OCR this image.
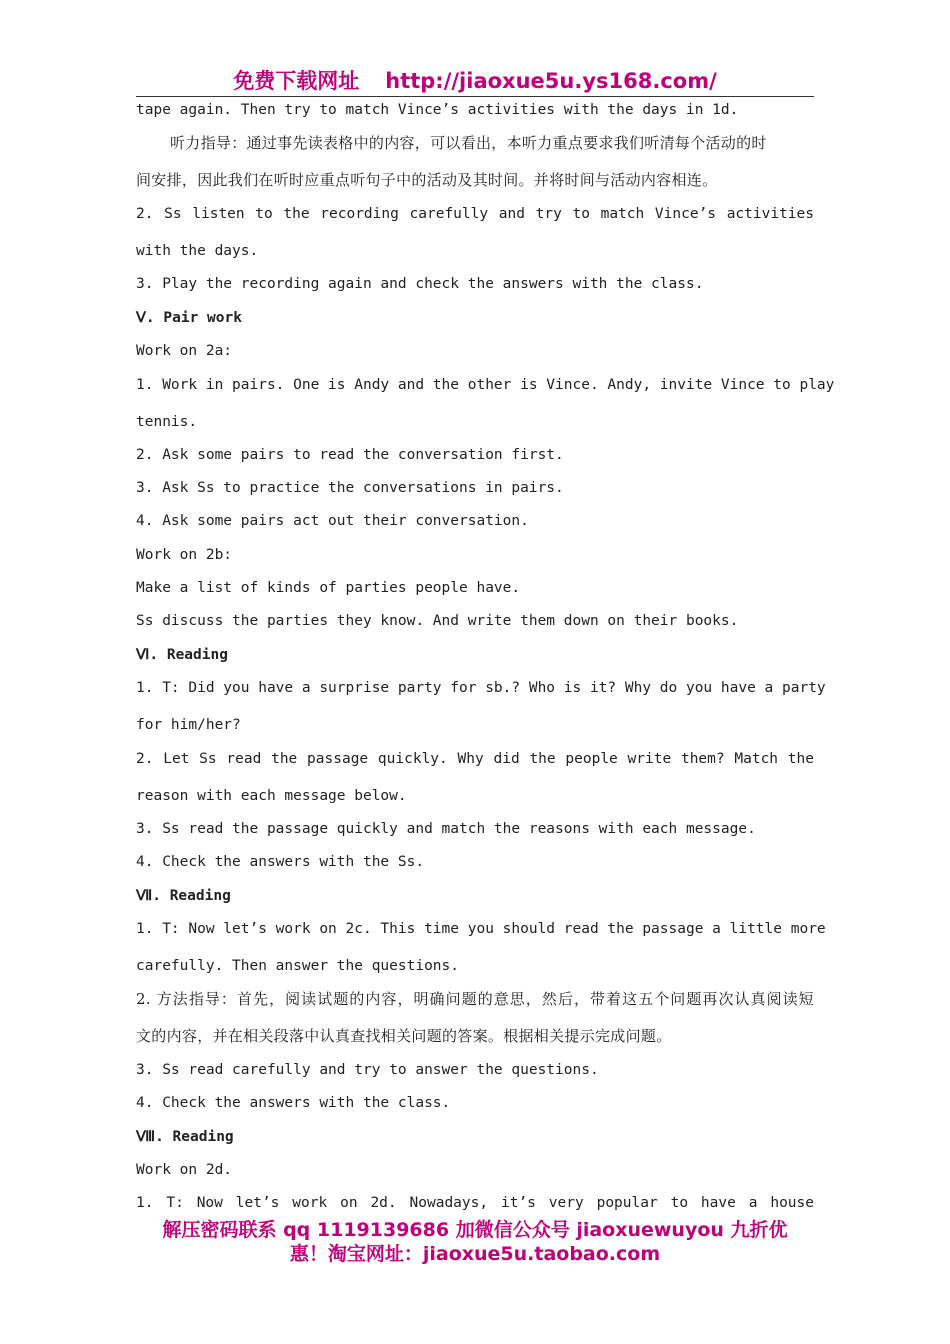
免费下载网址 http://jiaoxue5u.ys168.com/
tape again. Then try to match Vince’s activities with the days in 1d.
听力指导：通过事先读表格中的内容，可以看出，本听力重点要求我们听清每个活动的时
间安排，因此我们在听时应重点听句子中的活动及其时间。并将时间与活动内容相连。
2. Ss listen to the recording carefully and try to match Vince’s activities
with the days.
3. Play the recording again and check the answers with the class.
Ⅴ. Pair work
Work on 2a:
1. Work in pairs. One is Andy and the other is Vince. Andy, invite Vince to play
tennis.
2. Ask some pairs to read the conversation first.
3. Ask Ss to practice the conversations in pairs.
4. Ask some pairs act out their conversation.
Work on 2b:
Make a list of kinds of parties people have.
Ss discuss the parties they know. And write them down on their books.
Ⅵ. Reading
1. T: Did you have a surprise party for sb.? Who is it? Why do you have a party
for him/her?
2. Let Ss read the passage quickly. Why did the people write them? Match the
reason with each message below.
3. Ss read the passage quickly and match the reasons with each message.
4. Check the answers with the Ss.
Ⅶ. Reading
1. T: Now let’s work on 2c. This time you should read the passage a little more
carefully. Then answer the questions.
2. 方法指导：首先，阅读试题的内容，明确问题的意思，然后，带着这五个问题再次认真阅读短
文的内容，并在相关段落中认真查找相关问题的答案。根据相关提示完成问题。
3. Ss read carefully and try to answer the questions.
4. Check the answers with the class.
Ⅷ. Reading
Work on 2d.
1. T: Now let’s work on 2d. Nowadays, it’s very popular to have a house
解压密码联系 qq 1119139686 加微信公众号 jiaoxuewuyou 九折优
惠！淘宝网址：jiaoxue5u.taobao.com
